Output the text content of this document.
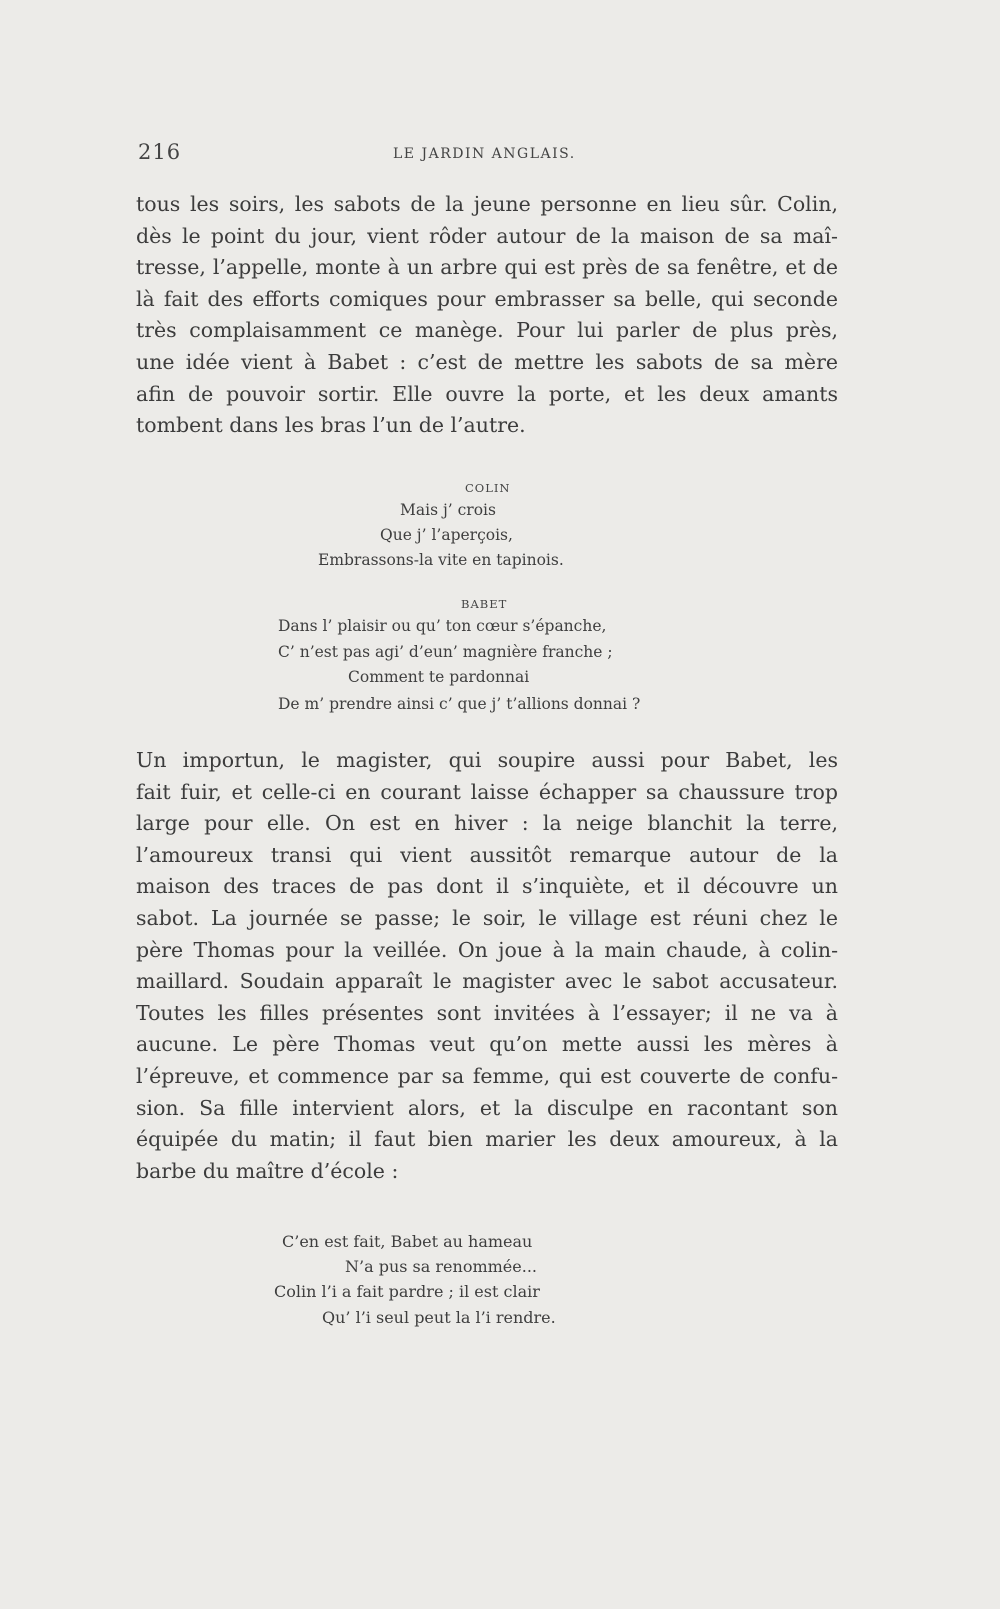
216	LE JARDIN ANGLAIS.
tous les soirs, les sabots de la jeune personne en lieu sûr. Colin,
dès le point du jour, vient rôder autour de la maison de sa maî-
tresse, l’appelle, monte à un arbre qui est près de sa fenêtre, et de
là fait des efforts comiques pour embrasser sa belle, qui seconde
très complaisamment ce manège. Pour lui parler de plus près,
une idée vient à Babet : c’est de mettre les sabots de sa mère
afin de pouvoir sortir. Elle ouvre la porte, et les deux amants
tombent dans les bras l’un de l’autre.
COLIN
Mais j’ crois
Que j’ l’aperçois,
Embrassons-la vite en tapinois.
BABET
Dans l’ plaisir ou qu’ ton cœur s’épanche,
C’ n’est pas agi’ d’eun’ magnière franche ;
Comment te pardonnai
De m’ prendre ainsi c’ que j’ t’allions donnai ?
Un importun, le magister, qui soupire aussi pour Babet, les
fait fuir, et celle-ci en courant laisse échapper sa chaussure trop
large pour elle. On est en hiver : la neige blanchit la terre,
l’amoureux transi qui vient aussitôt remarque autour de la
maison des traces de pas dont il s’inquiète, et il découvre un
sabot. La journée se passe; le soir, le village est réuni chez le
père Thomas pour la veillée. On joue à la main chaude, à colin-
maillard. Soudain apparaît le magister avec le sabot accusateur.
Toutes les filles présentes sont invitées à l’essayer; il ne va à
aucune. Le père Thomas veut qu’on mette aussi les mères à
l’épreuve, et commence par sa femme, qui est couverte de confu-
sion. Sa fille intervient alors, et la disculpe en racontant son
équipée du matin; il faut bien marier les deux amoureux, à la
barbe du maître d’école :
C’en est fait, Babet au hameau
N’a pus sa renommée...
Colin l’i a fait pardre ; il est clair
Qu’ l’i seul peut la l’i rendre.
